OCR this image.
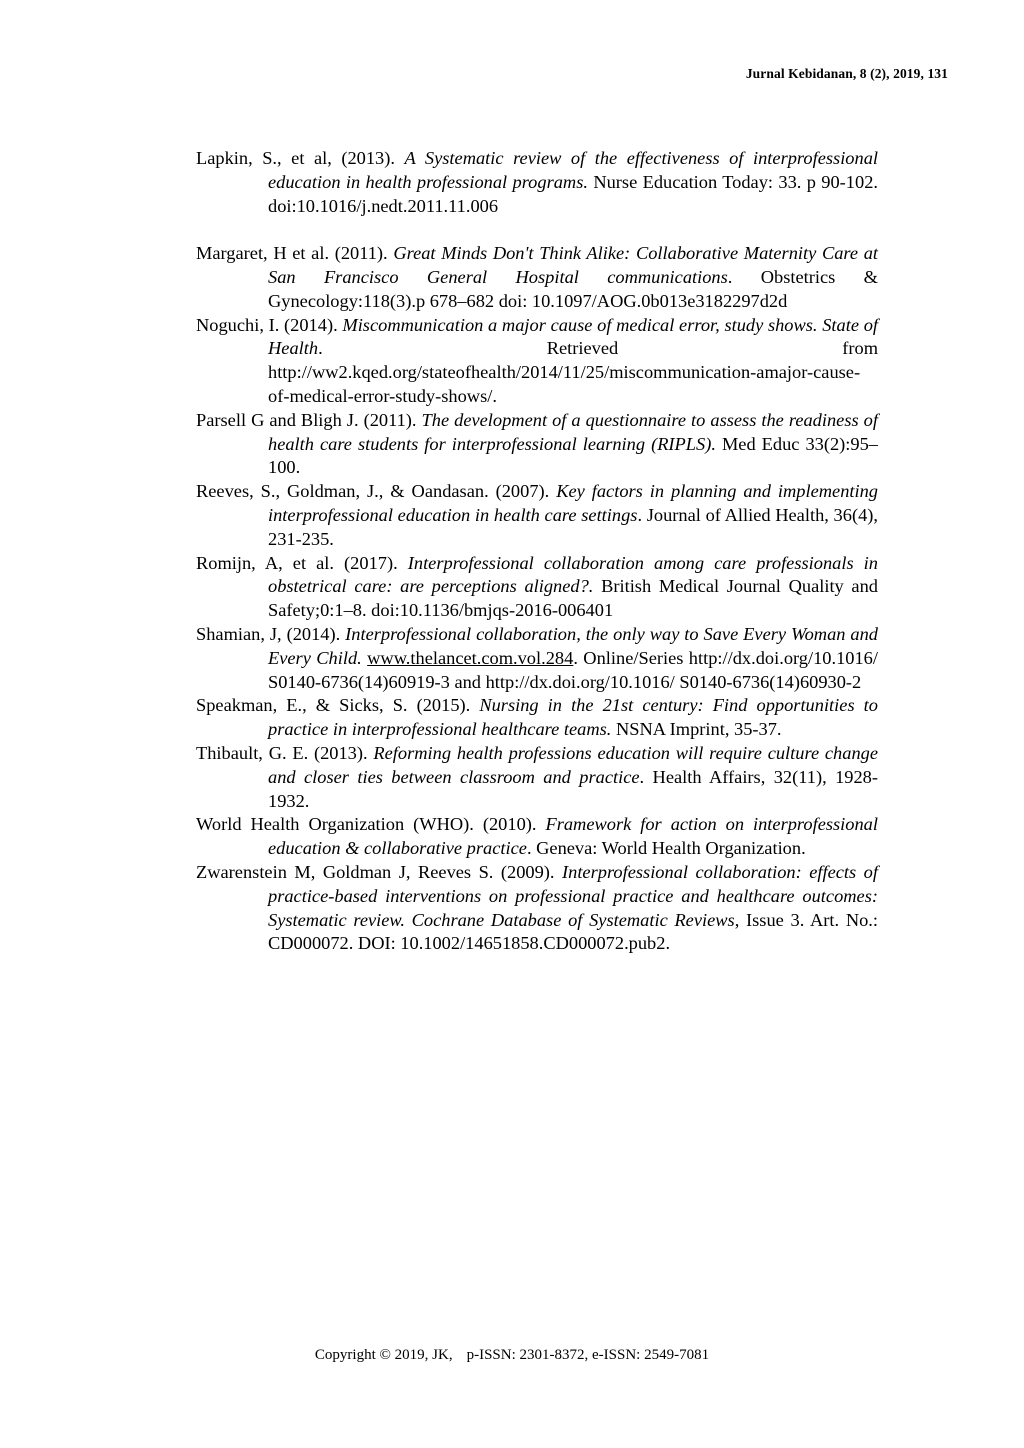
Jurnal Kebidanan, 8 (2), 2019, 131

Lapkin, S., et al, (2013). A Systematic review of the effectiveness of interprofessional education in health professional programs. Nurse Education Today: 33. p 90-102. doi:10.1016/j.nedt.2011.11.006

Margaret, H et al. (2011). Great Minds Don't Think Alike: Collaborative Maternity Care at San Francisco General Hospital communications. Obstetrics & Gynecology:118(3).p 678–682 doi: 10.1097/AOG.0b013e3182297d2d

Noguchi, I. (2014). Miscommunication a major cause of medical error, study shows. State of Health. Retrieved from http://ww2.kqed.org/stateofhealth/2014/11/25/miscommunication-amajor-cause-of-medical-error-study-shows/.

Parsell G and Bligh J. (2011). The development of a questionnaire to assess the readiness of health care students for interprofessional learning (RIPLS). Med Educ 33(2):95–100.

Reeves, S., Goldman, J., & Oandasan. (2007). Key factors in planning and implementing interprofessional education in health care settings. Journal of Allied Health, 36(4), 231-235.

Romijn, A, et al. (2017). Interprofessional collaboration among care professionals in obstetrical care: are perceptions aligned?. British Medical Journal Quality and Safety;0:1–8. doi:10.1136/bmjqs-2016-006401

Shamian, J, (2014). Interprofessional collaboration, the only way to Save Every Woman and Every Child. www.thelancet.com.vol.284. Online/Series http://dx.doi.org/10.1016/ S0140-6736(14)60919-3 and http://dx.doi.org/10.1016/ S0140-6736(14)60930-2

Speakman, E., & Sicks, S. (2015). Nursing in the 21st century: Find opportunities to practice in interprofessional healthcare teams. NSNA Imprint, 35-37.

Thibault, G. E. (2013). Reforming health professions education will require culture change and closer ties between classroom and practice. Health Affairs, 32(11), 1928-1932.

World Health Organization (WHO). (2010). Framework for action on interprofessional education & collaborative practice. Geneva: World Health Organization.

Zwarenstein M, Goldman J, Reeves S. (2009). Interprofessional collaboration: effects of practice-based interventions on professional practice and healthcare outcomes: Systematic review. Cochrane Database of Systematic Reviews, Issue 3. Art. No.: CD000072. DOI: 10.1002/14651858.CD000072.pub2.

Copyright © 2019, JK, p-ISSN: 2301-8372, e-ISSN: 2549-7081
